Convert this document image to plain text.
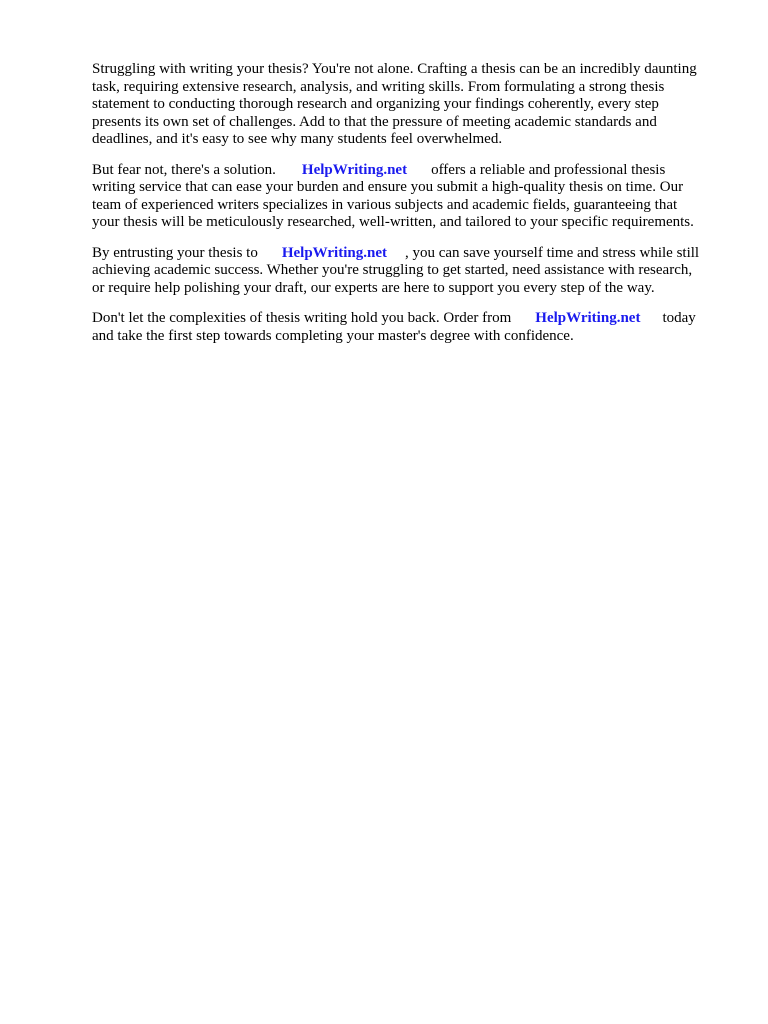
Struggling with writing your thesis? You're not alone. Crafting a thesis can be an incredibly daunting
task, requiring extensive research, analysis, and writing skills. From formulating a strong thesis
statement to conducting thorough research and organizing your findings coherently, every step
presents its own set of challenges. Add to that the pressure of meeting academic standards and
deadlines, and it's easy to see why many students feel overwhelmed.
But fear not, there's a solution. HelpWriting.net offers a reliable and professional thesis
writing service that can ease your burden and ensure you submit a high-quality thesis on time. Our
team of experienced writers specializes in various subjects and academic fields, guaranteeing that
your thesis will be meticulously researched, well-written, and tailored to your specific requirements.
By entrusting your thesis to HelpWriting.net , you can save yourself time and stress while still
achieving academic success. Whether you're struggling to get started, need assistance with research,
or require help polishing your draft, our experts are here to support you every step of the way.
Don't let the complexities of thesis writing hold you back. Order from HelpWriting.net today
and take the first step towards completing your master's degree with confidence.
